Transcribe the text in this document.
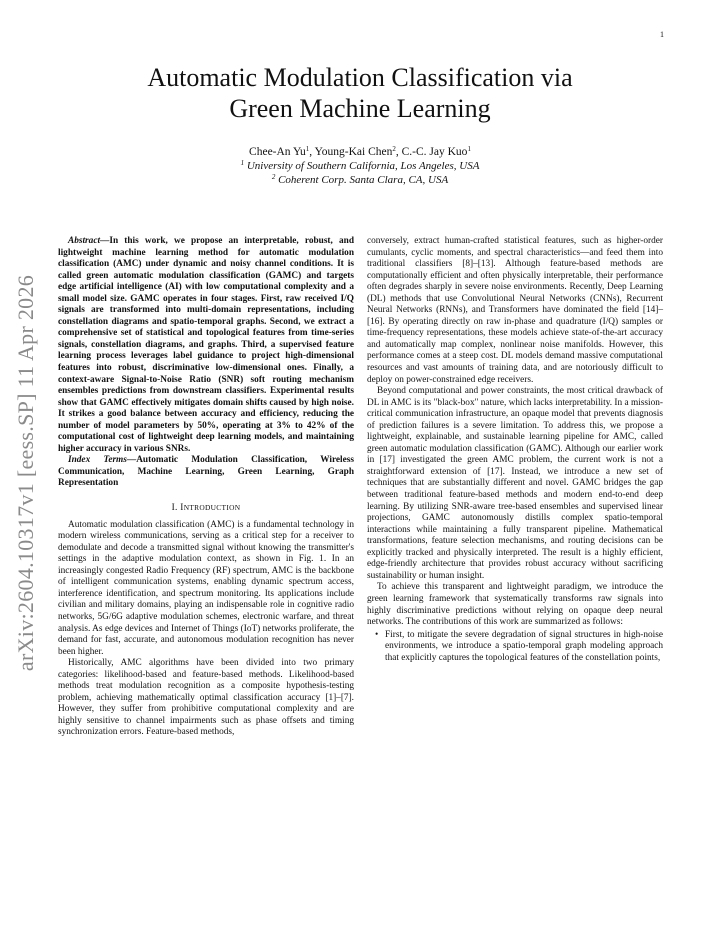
1
arXiv:2604.10317v1 [eess.SP] 11 Apr 2026
Automatic Modulation Classification via
Green Machine Learning
Chee-An Yu$^1$, Young-Kai Chen$^2$, C.-C. Jay Kuo$^1$
$^1$ University of Southern California, Los Angeles, USA
$^2$ Coherent Corp. Santa Clara, CA, USA

Abstract—In this work, we propose an interpretable, robust, and lightweight machine learning method for automatic modulation classification (AMC) under dynamic and noisy channel conditions. It is called green automatic modulation classification (GAMC) and targets edge artificial intelligence (AI) with low computational complexity and a small model size. GAMC operates in four stages. First, raw received I/Q signals are transformed into multi-domain representations, including constellation diagrams and spatio-temporal graphs. Second, we extract a comprehensive set of statistical and topological features from time-series signals, constellation diagrams, and graphs. Third, a supervised feature learning process leverages label guidance to project high-dimensional features into robust, discriminative low-dimensional ones. Finally, a context-aware Signal-to-Noise Ratio (SNR) soft routing mechanism ensembles predictions from downstream classifiers. Experimental results show that GAMC effectively mitigates domain shifts caused by high noise. It strikes a good balance between accuracy and efficiency, reducing the number of model parameters by 50%, operating at 3% to 42% of the computational cost of lightweight deep learning models, and maintaining higher accuracy in various SNRs.

Index Terms—Automatic Modulation Classification, Wireless Communication, Machine Learning, Green Learning, Graph Representation

I. INTRODUCTION

Automatic modulation classification (AMC) is a fundamental technology in modern wireless communications, serving as a critical step for a receiver to demodulate and decode a transmitted signal without knowing the transmitter's settings in the adaptive modulation context, as shown in Fig. 1. In an increasingly congested Radio Frequency (RF) spectrum, AMC is the backbone of intelligent communication systems, enabling dynamic spectrum access, interference identification, and spectrum monitoring. Its applications include civilian and military domains, playing an indispensable role in cognitive radio networks, 5G/6G adaptive modulation schemes, electronic warfare, and threat analysis. As edge devices and Internet of Things (IoT) networks proliferate, the demand for fast, accurate, and autonomous modulation recognition has never been higher.

Historically, AMC algorithms have been divided into two primary categories: likelihood-based and feature-based methods. Likelihood-based methods treat modulation recognition as a composite hypothesis-testing problem, achieving mathematically optimal classification accuracy [1]–[7]. However, they suffer from prohibitive computational complexity and are highly sensitive to channel impairments such as phase offsets and timing synchronization errors. Feature-based methods,

conversely, extract human-crafted statistical features, such as higher-order cumulants, cyclic moments, and spectral characteristics—and feed them into traditional classifiers [8]–[13]. Although feature-based methods are computationally efficient and often physically interpretable, their performance often degrades sharply in severe noise environments. Recently, Deep Learning (DL) methods that use Convolutional Neural Networks (CNNs), Recurrent Neural Networks (RNNs), and Transformers have dominated the field [14]–[16]. By operating directly on raw in-phase and quadrature (I/Q) samples or time-frequency representations, these models achieve state-of-the-art accuracy and automatically map complex, nonlinear noise manifolds. However, this performance comes at a steep cost. DL models demand massive computational resources and vast amounts of training data, and are notoriously difficult to deploy on power-constrained edge receivers.

Beyond computational and power constraints, the most critical drawback of DL in AMC is its "black-box" nature, which lacks interpretability. In a mission-critical communication infrastructure, an opaque model that prevents diagnosis of prediction failures is a severe limitation. To address this, we propose a lightweight, explainable, and sustainable learning pipeline for AMC, called green automatic modulation classification (GAMC). Although our earlier work in [17] investigated the green AMC problem, the current work is not a straightforward extension of [17]. Instead, we introduce a new set of techniques that are substantially different and novel. GAMC bridges the gap between traditional feature-based methods and modern end-to-end deep learning. By utilizing SNR-aware tree-based ensembles and supervised linear projections, GAMC autonomously distills complex spatio-temporal interactions while maintaining a fully transparent pipeline. Mathematical transformations, feature selection mechanisms, and routing decisions can be explicitly tracked and physically interpreted. The result is a highly efficient, edge-friendly architecture that provides robust accuracy without sacrificing sustainability or human insight.

To achieve this transparent and lightweight paradigm, we introduce the green learning framework that systematically transforms raw signals into highly discriminative predictions without relying on opaque deep neural networks. The contributions of this work are summarized as follows:

• First, to mitigate the severe degradation of signal structures in high-noise environments, we introduce a spatio-temporal graph modeling approach that explicitly captures the topological features of the constellation points,
